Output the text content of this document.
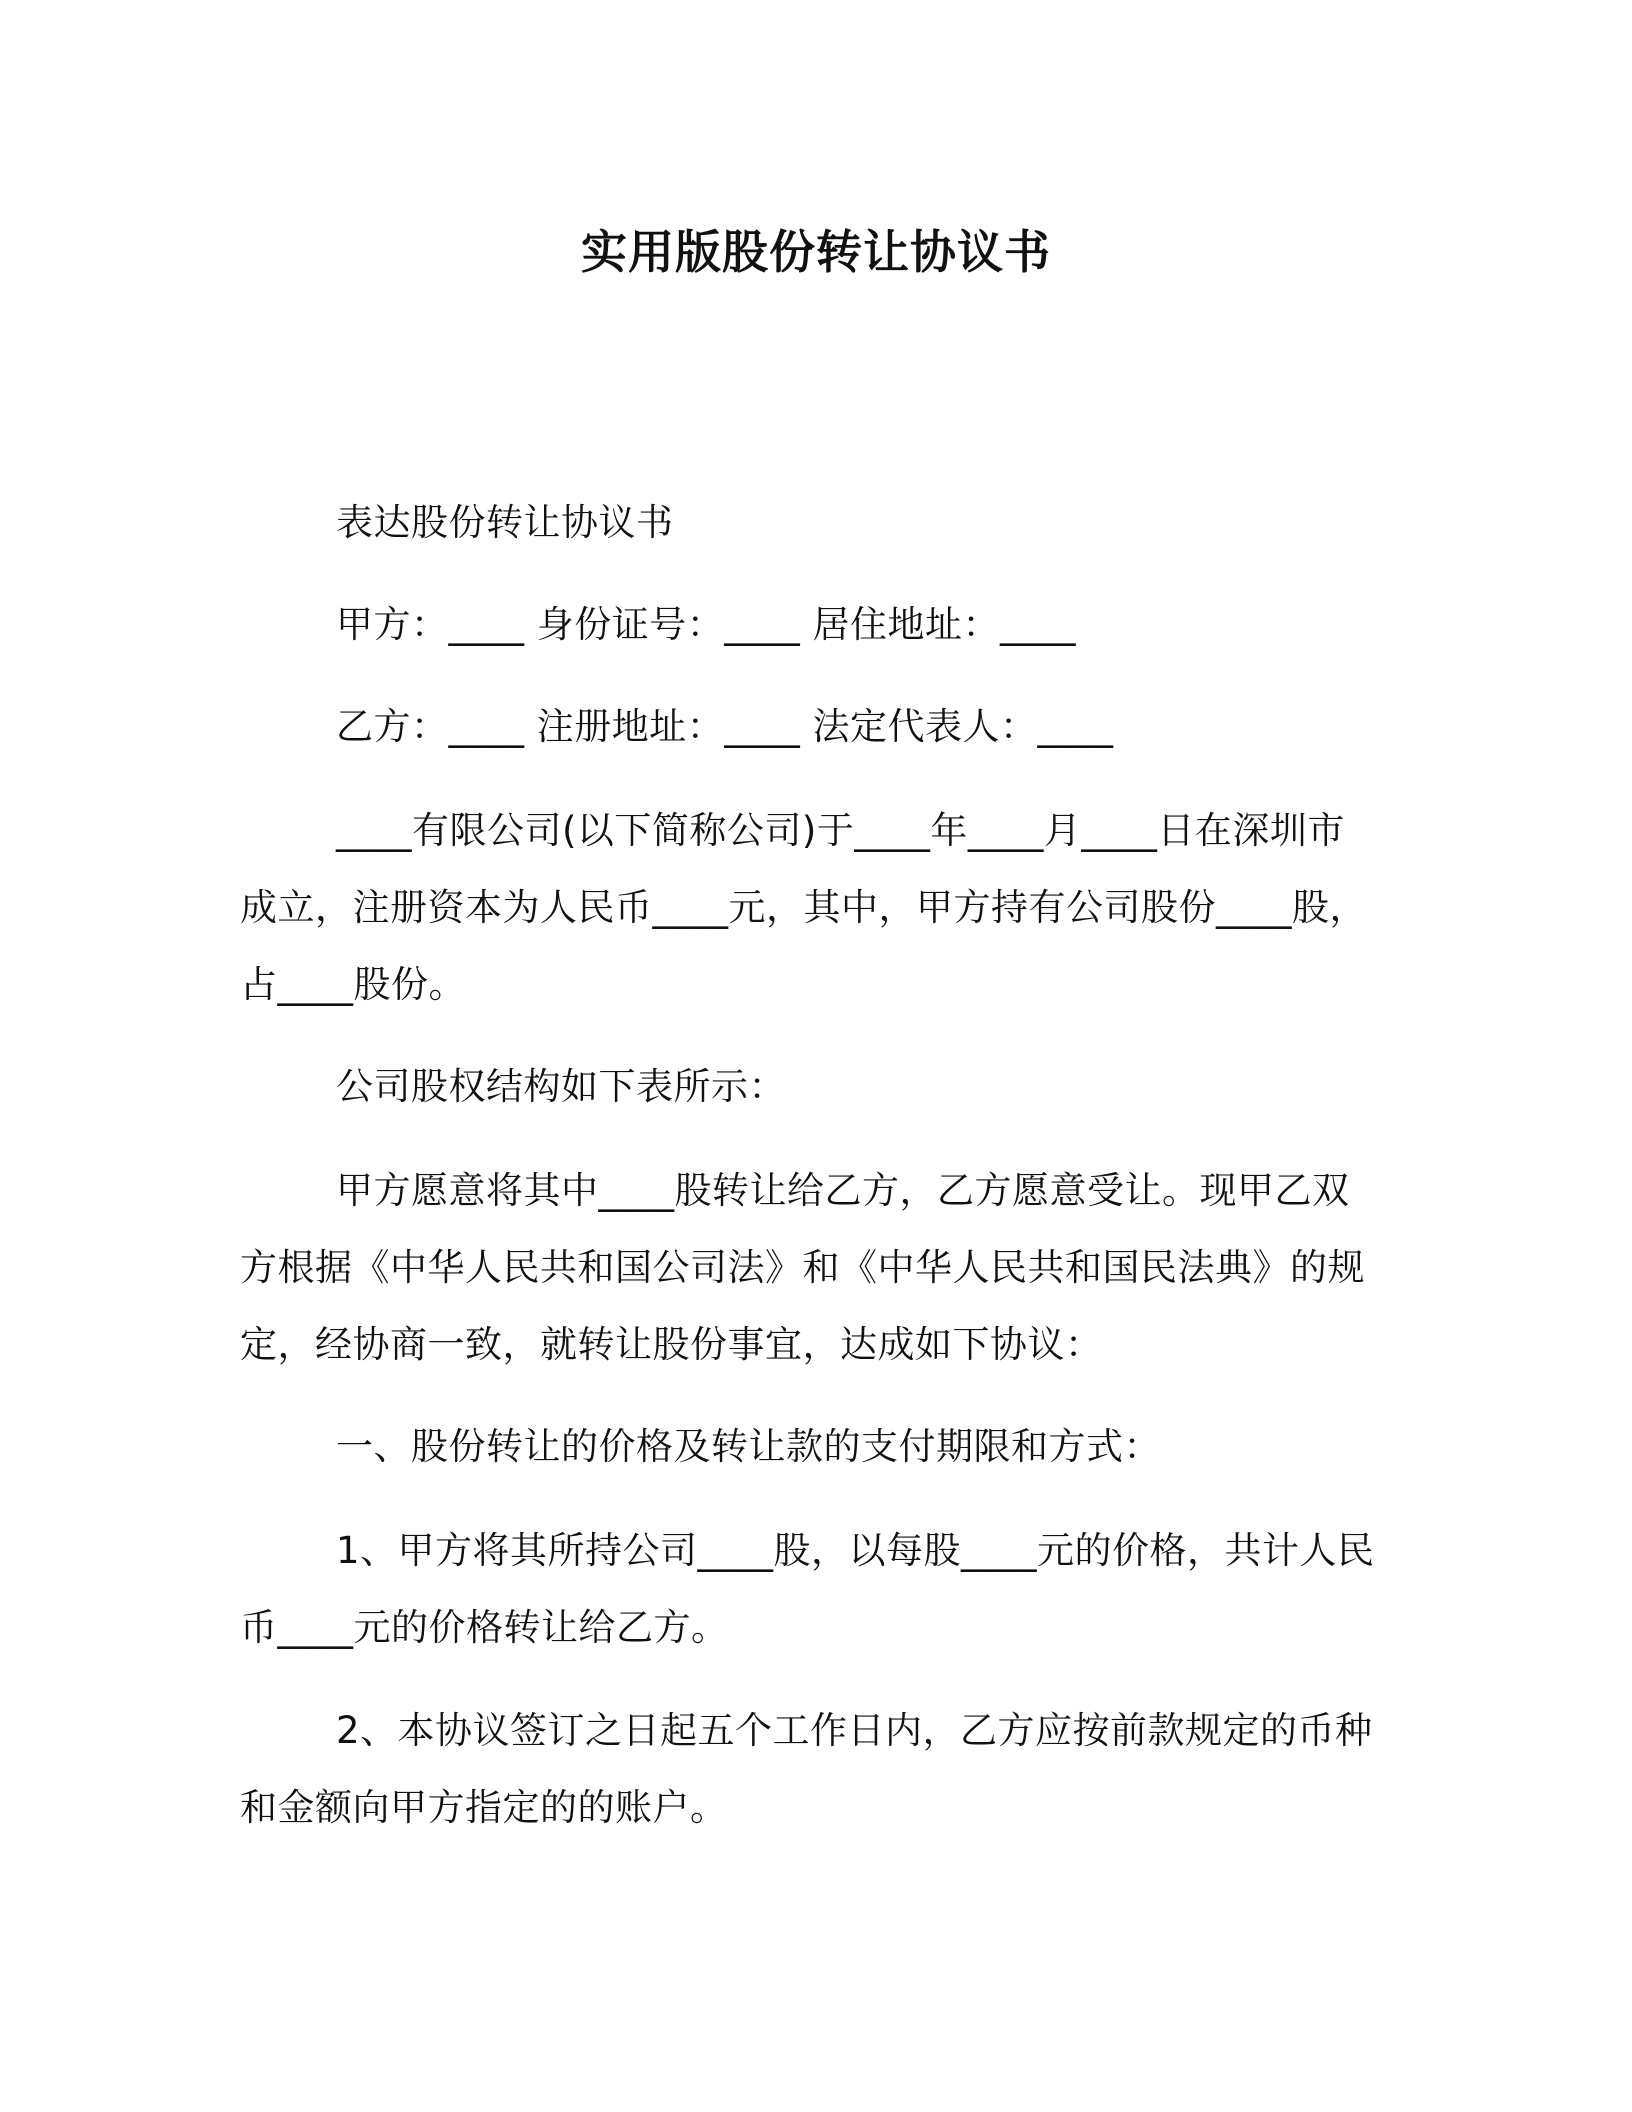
实用版股份转让协议书

表达股份转让协议书

甲方：____ 身份证号：____ 居住地址：____

乙方：____ 注册地址：____ 法定代表人：____

____有限公司(以下简称公司)于____年____月____日在深圳市成立，注册资本为人民币____元，其中，甲方持有公司股份____股，占____股份。

公司股权结构如下表所示：

甲方愿意将其中____股转让给乙方，乙方愿意受让。现甲乙双方根据《中华人民共和国公司法》和《中华人民共和国民法典》的规定，经协商一致，就转让股份事宜，达成如下协议：

一、股份转让的价格及转让款的支付期限和方式：

1、甲方将其所持公司____股，以每股____元的价格，共计人民币____元的价格转让给乙方。

2、本协议签订之日起五个工作日内，乙方应按前款规定的币种和金额向甲方指定的的账户。
